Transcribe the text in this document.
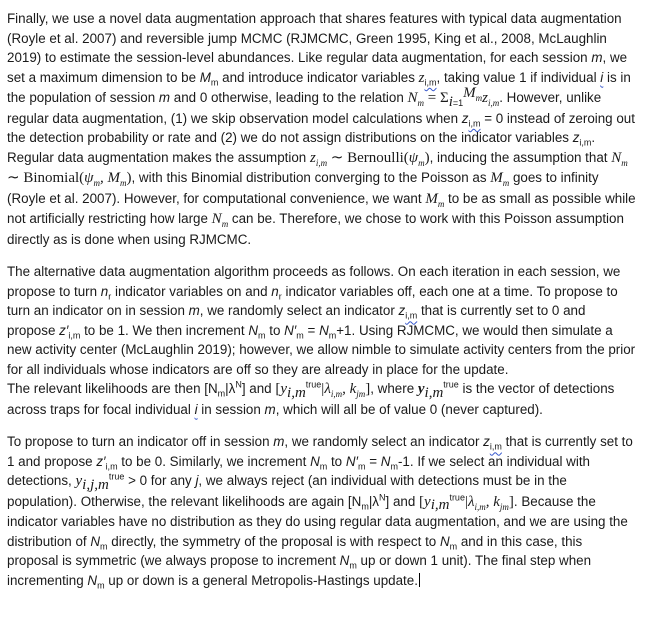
Finally, we use a novel data augmentation approach that shares features with typical data augmentation (Royle et al. 2007) and reversible jump MCMC (RJMCMC, Green 1995, King et al., 2008, McLaughlin 2019) to estimate the session-level abundances. Like regular data augmentation, for each session m, we set a maximum dimension to be $M_m$ and introduce indicator variables $z_{i,m}$, taking value 1 if individual i is in the population of session m and 0 otherwise, leading to the relation $N_m = \Sigma_{i=1}^{M_m}z_{i,m}$. However, unlike regular data augmentation, (1) we skip observation model calculations when $z_{i,m} = 0$ instead of zeroing out the detection probability or rate and (2) we do not assign distributions on the indicator variables $z_{i,m}$. Regular data augmentation makes the assumption $z_{i,m}$ ∼ $Bernoulli(\psi_m)$, inducing the assumption that $N_m$ ∼ $Binomial(\psi_m$, $M_m$), with this Binomial distribution converging to the Poisson as $M_m$ goes to infinity (Royle et al. 2007). However, for computational convenience, we want $M_m$ to be as small as possible while not artificially restricting how large $N_m$ can be. Therefore, we chose to work with this Poisson assumption directly as is done when using RJMCMC.

The alternative data augmentation algorithm proceeds as follows. On each iteration in each session, we propose to turn $n_r$ indicator variables on and $n_r$ indicator variables off, each one at a time. To propose to turn an indicator on in session m, we randomly select an indicator $z_{i,m}$ that is currently set to 0 and propose $z'_{i,m}$ to be 1. We then increment $N_m$ to $N'_m = N_m+1$. Using RJMCMC, we would then simulate a new activity center (McLaughlin 2019); however, we allow nimble to simulate activity centers from the prior for all individuals whose indicators are off so they are already in place for the update.
The relevant likelihoods are then $[N_m|\lambda^N]$ and [$y_{i,m}^{true}|\lambda_{i,m}$, $k_{jm}$], where $y_{i,m}^{true}$ is the vector of detections across traps for focal individual i in session m, which will all be of value 0 (never captured).

To propose to turn an indicator off in session m, we randomly select an indicator $z_{i,m}$ that is currently set to 1 and propose $z'_{i,m}$ to be 0. Similarly, we increment $N_m$ to $N'_m = N_m-1$. If we select an individual with detections, $y_{i,j,m}^{true} > 0$ for any j, we always reject (an individual with detections must be in the population). Otherwise, the relevant likelihoods are again $[N_m|\lambda^N]$ and [$y_{i,m}^{true}|\lambda_{i,m}$, $k_{jm}$]. Because the indicator variables have no distribution as they do using regular data augmentation, and we are using the distribution of $N_m$ directly, the symmetry of the proposal is with respect to $N_m$ and in this case, this proposal is symmetric (we always propose to increment $N_m$ up or down 1 unit). The final step when incrementing $N_m$ up or down is a general Metropolis-Hastings update.
